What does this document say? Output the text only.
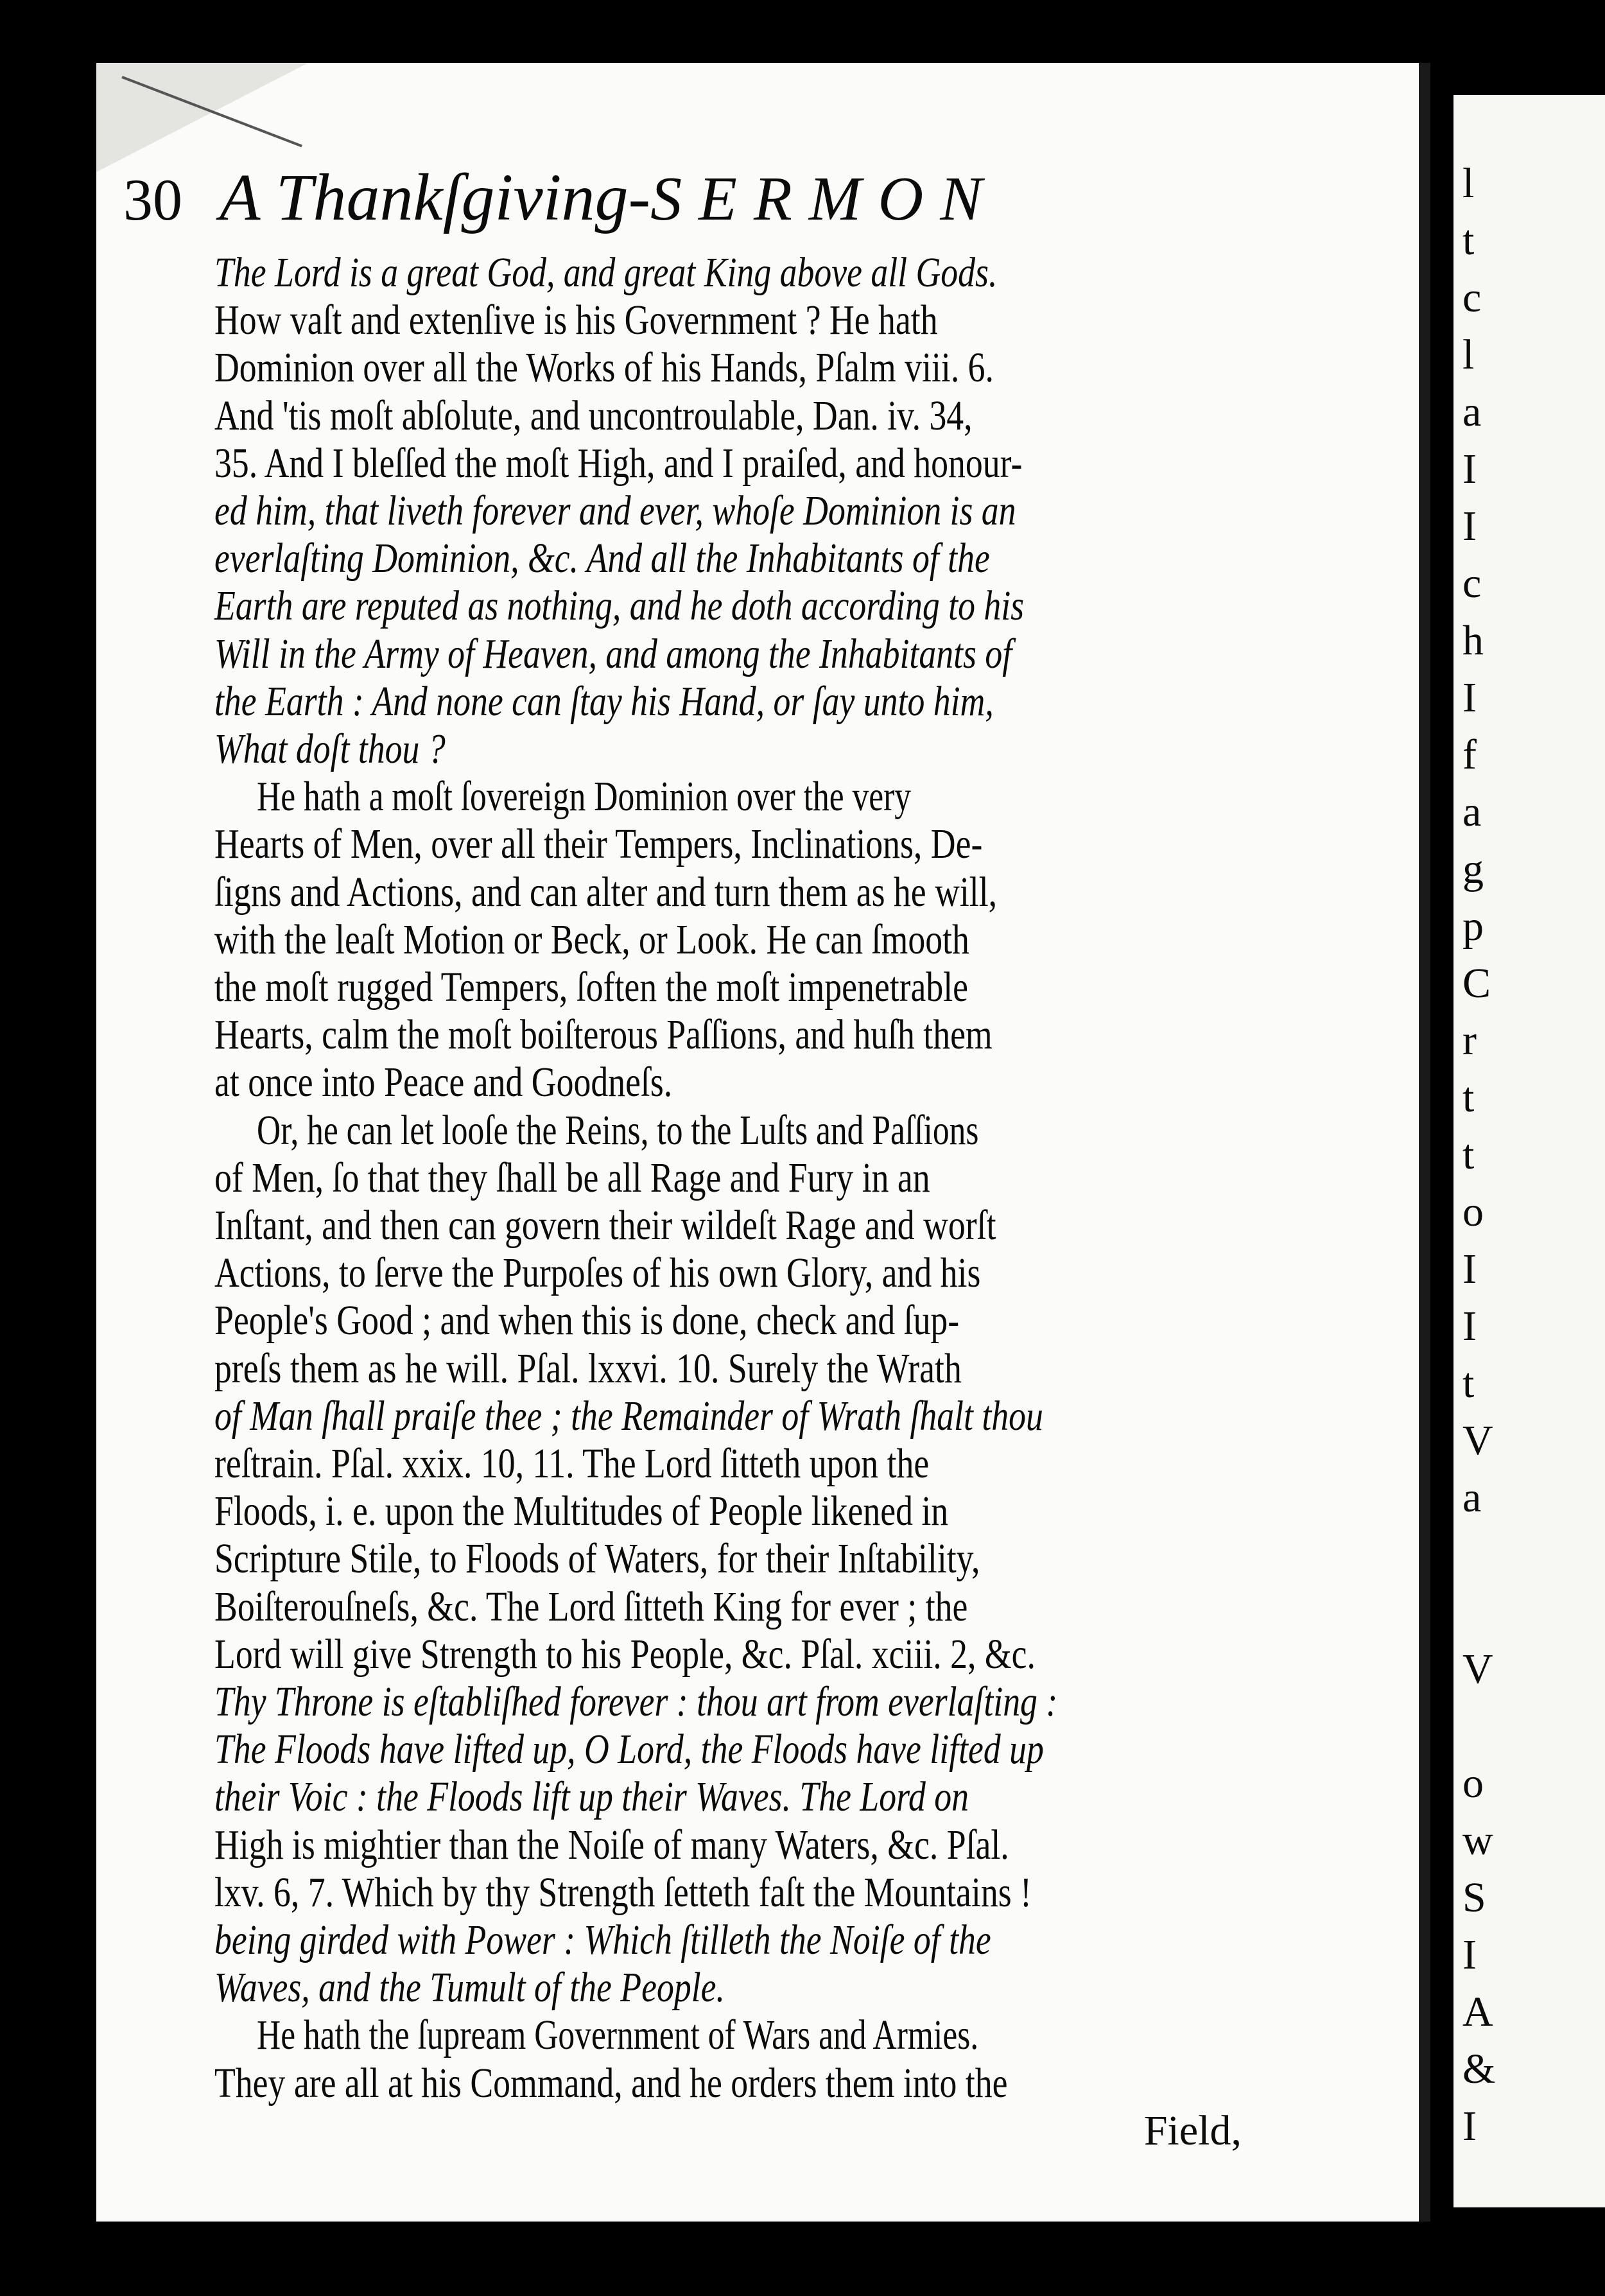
30 A Thankſgiving-SERMON
The Lord is a great God, and great King above all Gods.
How vaſt and extenſive is his Government ? He hath
Dominion over all the Works of his Hands, Pſalm viii. 6.
And 'tis moſt abſolute, and uncontroulable, Dan. iv. 34,
35. And I bleſſed the moſt High, and I praiſed, and honour-
ed him, that liveth forever and ever, whoſe Dominion is an
everlaſting Dominion, &c. And all the Inhabitants of the
Earth are reputed as nothing, and he doth according to his
Will in the Army of Heaven, and among the Inhabitants of
the Earth : And none can ſtay his Hand, or ſay unto him,
What doſt thou ?
He hath a moſt ſovereign Dominion over the very
Hearts of Men, over all their Tempers, Inclinations, De-
ſigns and Actions, and can alter and turn them as he will,
with the leaſt Motion or Beck, or Look. He can ſmooth
the moſt rugged Tempers, ſoften the moſt impenetrable
Hearts, calm the moſt boiſterous Paſſions, and huſh them
at once into Peace and Goodneſs.
Or, he can let looſe the Reins, to the Luſts and Paſſions
of Men, ſo that they ſhall be all Rage and Fury in an
Inſtant, and then can govern their wildeſt Rage and worſt
Actions, to ſerve the Purpoſes of his own Glory, and his
People's Good ; and when this is done, check and ſup-
preſs them as he will. Pſal. lxxvi. 10. Surely the Wrath
of Man ſhall praiſe thee ; the Remainder of Wrath ſhalt thou
reſtrain. Pſal. xxix. 10, 11. The Lord ſitteth upon the
Floods, i. e. upon the Multitudes of People likened in
Scripture Stile, to Floods of Waters, for their Inſtability,
Boiſterouſneſs, &c. The Lord ſitteth King for ever ; the
Lord will give Strength to his People, &c. Pſal. xciii. 2, &c.
Thy Throne is eſtabliſhed forever : thou art from everlaſting :
The Floods have lifted up, O Lord, the Floods have lifted up
their Voic : the Floods lift up their Waves. The Lord on
High is mightier than the Noiſe of many Waters, &c. Pſal.
lxv. 6, 7. Which by thy Strength ſetteth faſt the Mountains !
being girded with Power : Which ſtilleth the Noiſe of the
Waves, and the Tumult of the People.
He hath the ſupream Government of Wars and Armies.
They are all at his Command, and he orders them into the
Field,
l
t
c
l
a
I
I
c
h
I
f
a
g
p
C
r
t
t
o
I
I
t
V
a
V
o
w
S
I
A
&
I
